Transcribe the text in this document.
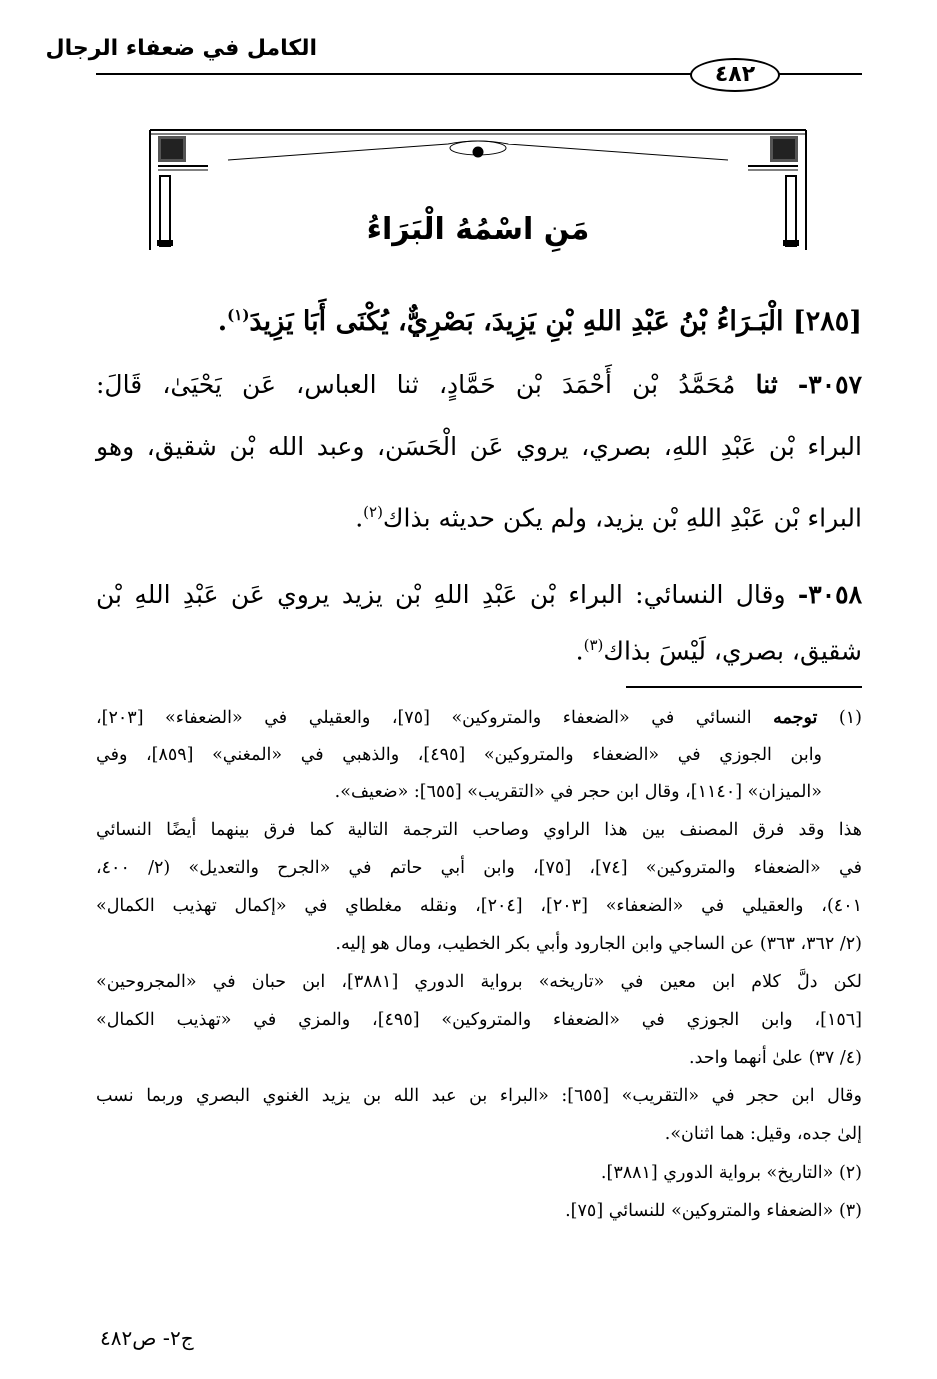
الكامل في ضعفاء الرجال
٤٨٢
مَنِ اسْمُهُ الْبَرَاءُ
[٢٨٥] الْبَـرَاءُ بْنُ عَبْدِ اللهِ بْنِ يَزِيدَ، بَصْرِيٌّ، يُكْنَى أَبَا يَزِيدَ$^{(١)}$.
٣٠٥٧- ثنا مُحَمَّدُ بْن أَحْمَدَ بْن حَمَّادٍ، ثنا العباس، عَن يَحْيَىٰ، قَالَ:
البراء بْن عَبْدِ اللهِ، بصري، يروي عَن الْحَسَن، وعبد الله بْن شقيق، وهو
البراء بْن عَبْدِ اللهِ بْن يزيد، ولم يكن حديثه بذاك$^{(٢)}$.
٣٠٥٨- وقال النسائي: البراء بْن عَبْدِ اللهِ بْن يزيد يروي عَن عَبْدِ اللهِ بْن
شقيق، بصري، لَيْسَ بذاك$^{(٣)}$.
(١) توجمه النسائي في «الضعفاء والمتروكين» [٧٥]، والعقيلي في «الضعفاء» [٢٠٣]،
وابن الجوزي في «الضعفاء والمتروكين» [٤٩٥]، والذهبي في «المغني» [٨٥٩]، وفي
«الميزان» [١١٤٠]، وقال ابن حجر في «التقريب» [٦٥٥]: «ضعيف».
هذا وقد فرق المصنف بين هذا الراوي وصاحب الترجمة التالية كما فرق بينهما أيضًا النسائي
في «الضعفاء والمتروكين» [٧٤]، [٧٥]، وابن أبي حاتم في «الجرح والتعديل» (٢/ ٤٠٠،
٤٠١)، والعقيلي في «الضعفاء» [٢٠٣]، [٢٠٤]، ونقله مغلطاي في «إكمال تهذيب الكمال»
(٢/ ٣٦٢، ٣٦٣) عن الساجي وابن الجارود وأبي بكر الخطيب، ومال هو إليه.
لكن دلَّ كلام ابن معين في «تاريخه» برواية الدوري [٣٨٨١]، ابن حبان في «المجروحين»
[١٥٦]، وابن الجوزي في «الضعفاء والمتروكين» [٤٩٥]، والمزي في «تهذيب الكمال»
(٤/ ٣٧) علىٰ أنهما واحد.
وقال ابن حجر في «التقريب» [٦٥٥]: «البراء بن عبد الله بن يزيد الغنوي البصري وربما نسب
إلىٰ جده، وقيل: هما اثنان».
(٢) «التاريخ» برواية الدوري [٣٨٨١].
(٣) «الضعفاء والمتروكين» للنسائي [٧٥].
ج٢- ص٤٨٢
